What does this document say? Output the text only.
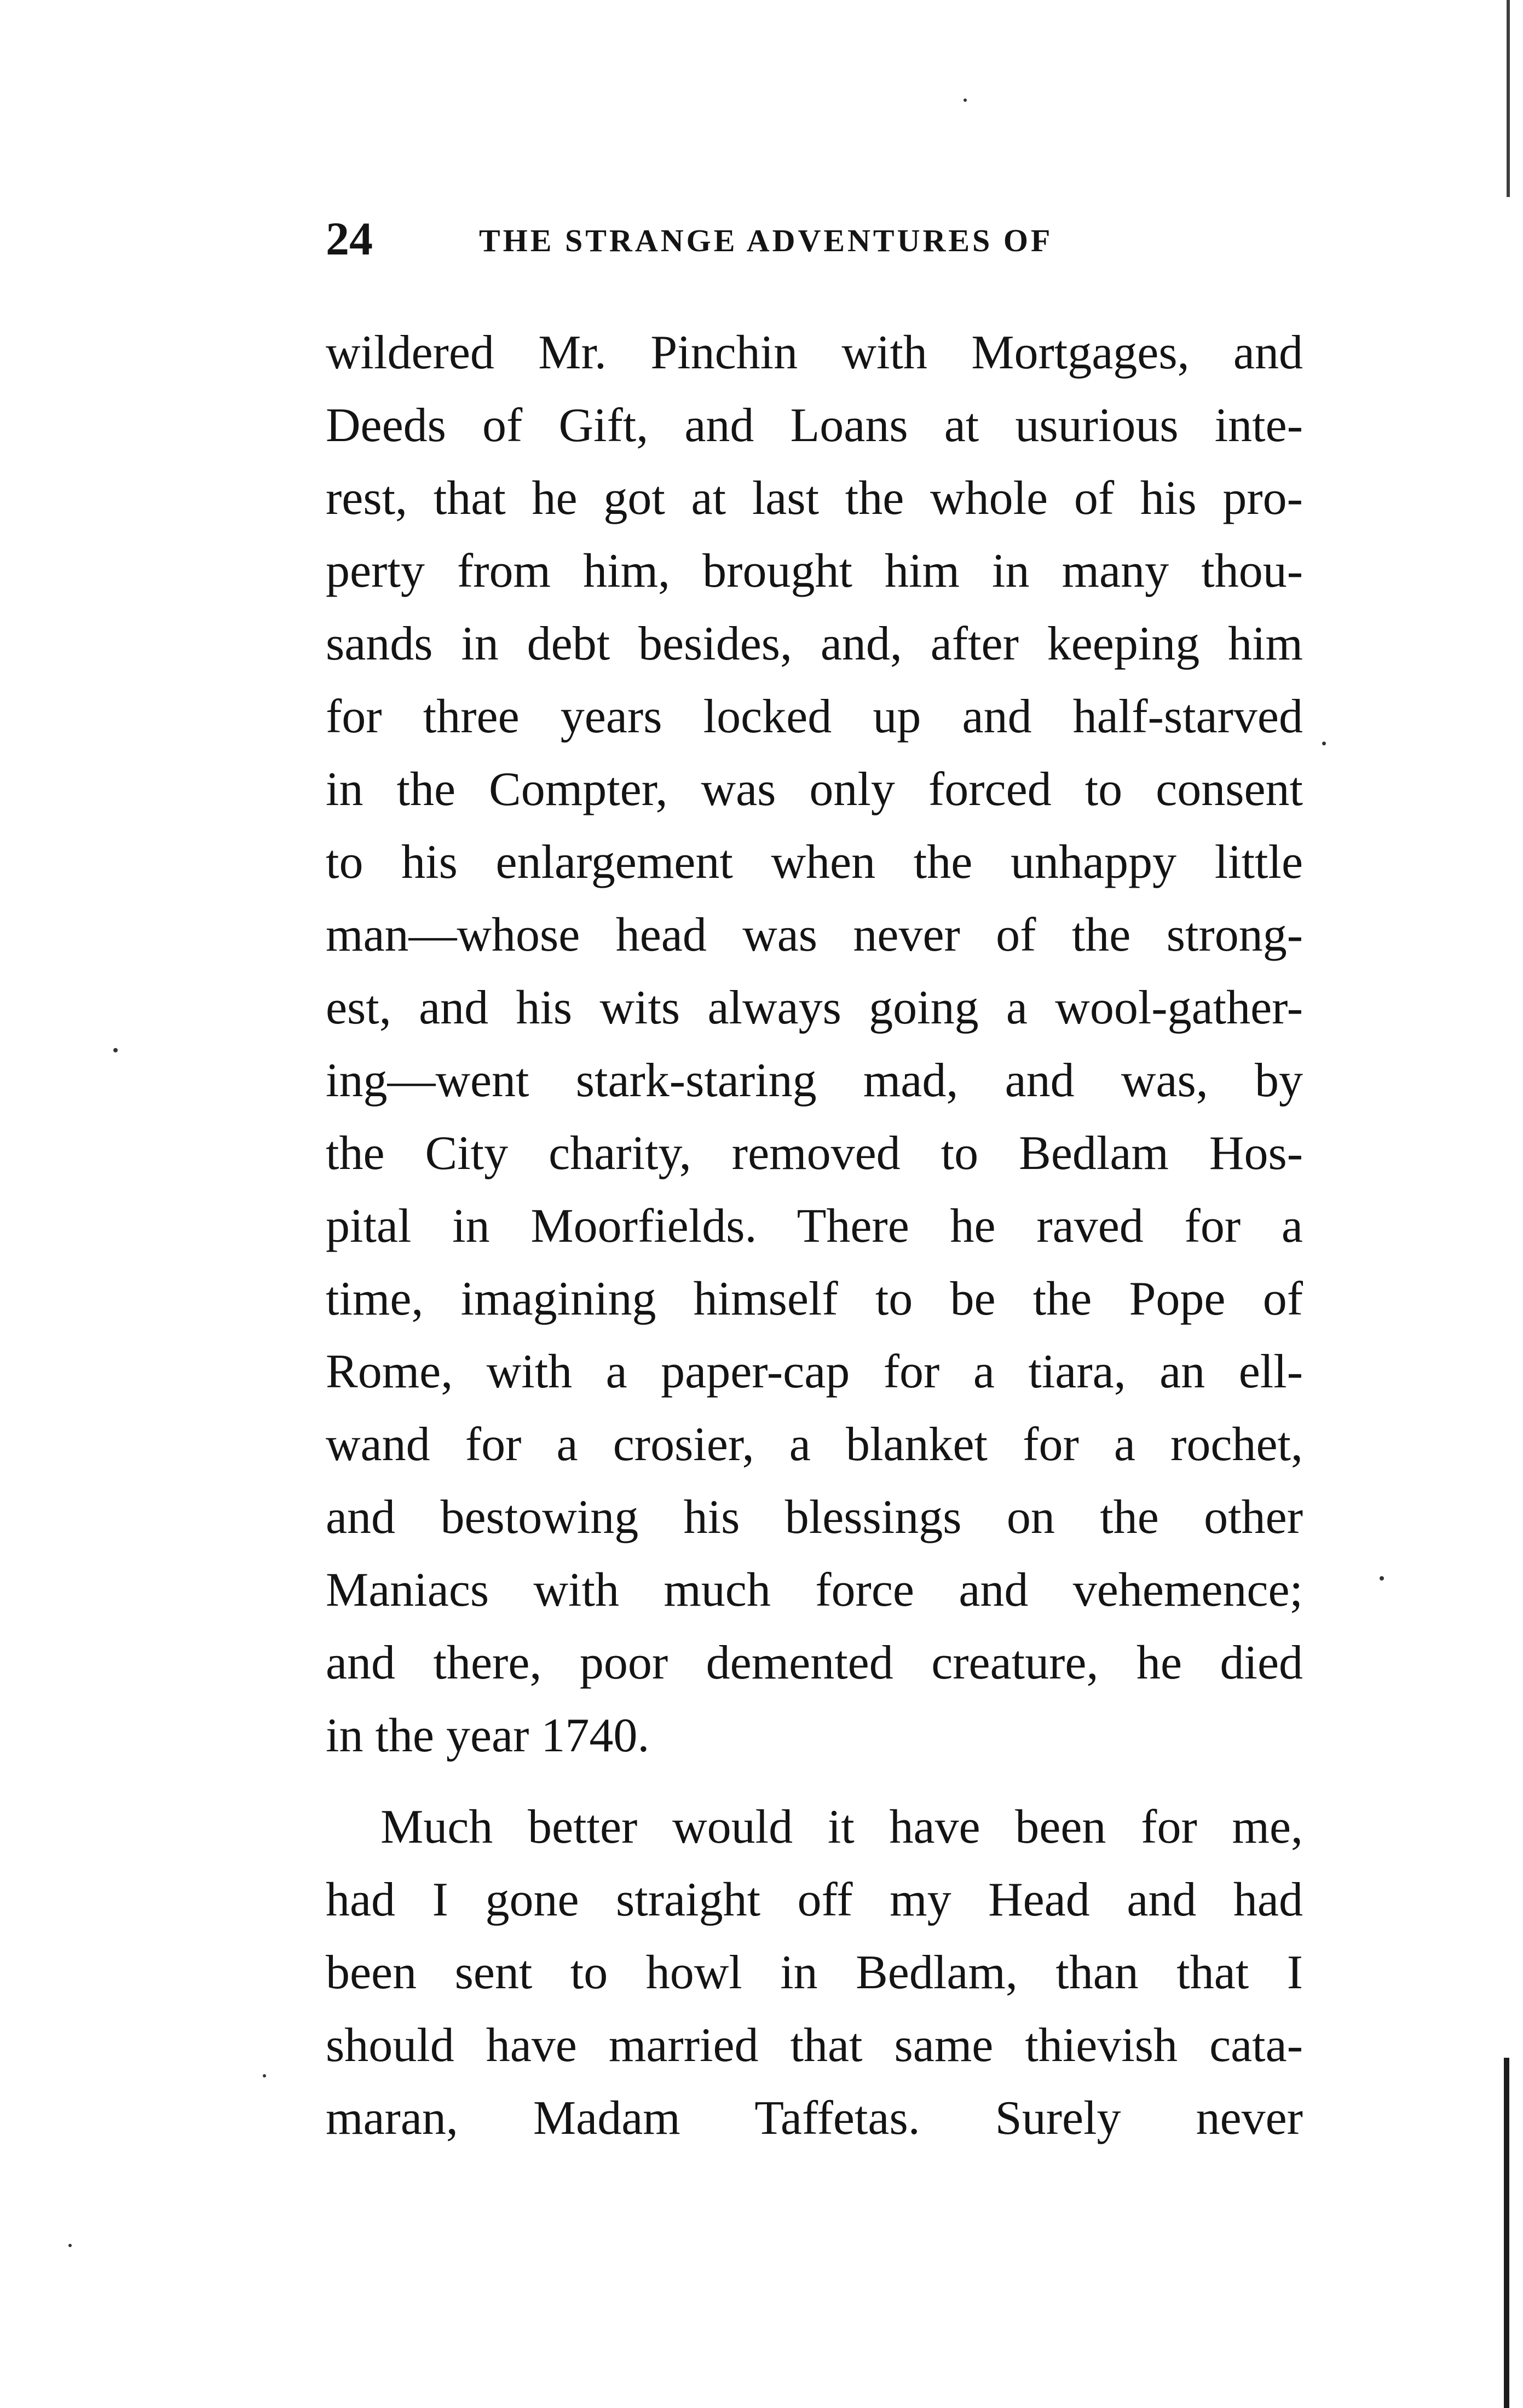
24	THE STRANGE ADVENTURES OF
wildered Mr. Pinchin with Mortgages, and
Deeds of Gift, and Loans at usurious inte-
rest, that he got at last the whole of his pro-
perty from him, brought him in many thou-
sands in debt besides, and, after keeping him
for three years locked up and half-starved
in the Compter, was only forced to consent
to his enlargement when the unhappy little
man—whose head was never of the strong-
est, and his wits always going a wool-gather-
ing—went stark-staring mad, and was, by
the City charity, removed to Bedlam Hos-
pital in Moorfields. There he raved for a
time, imagining himself to be the Pope of
Rome, with a paper-cap for a tiara, an ell-
wand for a crosier, a blanket for a rochet,
and bestowing his blessings on the other
Maniacs with much force and vehemence;
and there, poor demented creature, he died
in the year 1740.
Much better would it have been for me,
had I gone straight off my Head and had
been sent to howl in Bedlam, than that I
should have married that same thievish cata-
maran, Madam Taffetas. Surely never
